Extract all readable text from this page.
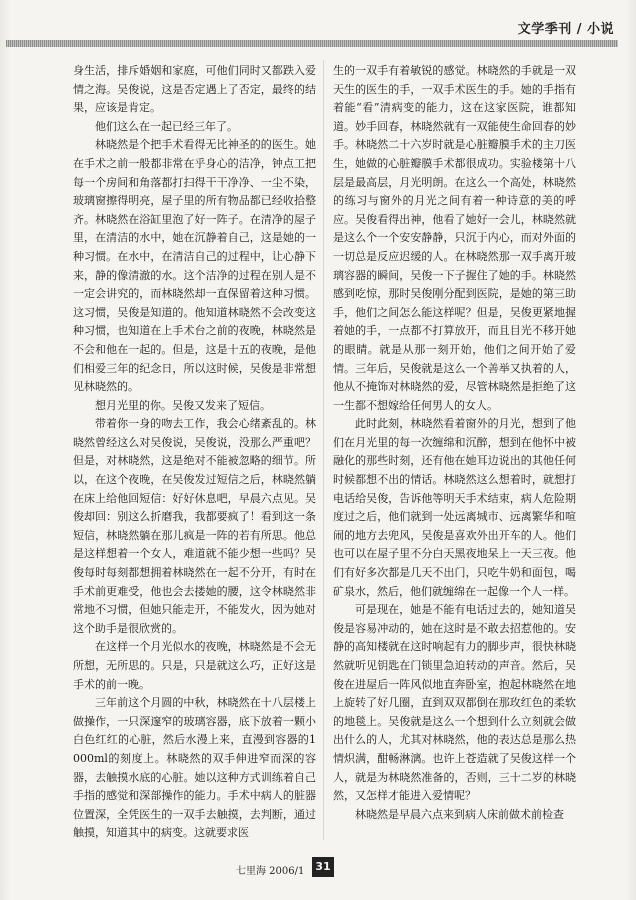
文学季刊 / 小说

身生活，排斥婚姻和家庭，可他们同时又都跌入爱情之海。吴俊说，这是否定遇上了否定，最终的结果，应该是肯定。

他们这么在一起已经三年了。

林晓然是个把手术看得无比神圣的的医生。她在手术之前一般都非常在乎身心的洁净，钟点工把每一个房间和角落都打扫得干干净净、一尘不染，玻璃窗擦得明亮，屋子里的所有物品都已经收拾整齐。林晓然在浴缸里泡了好一阵子。在清净的屋子里，在清洁的水中，她在沉静着自己，这是她的一种习惯。在水中，在清洁自己的过程中，让心静下来，静的像清澈的水。这个洁净的过程在别人是不一定会讲究的，而林晓然却一直保留着这种习惯。这习惯，吴俊是知道的。他知道林晓然不会改变这种习惯，也知道在上手术台之前的夜晚，林晓然是不会和他在一起的。但是，这是十五的夜晚，是他们相爱三年的纪念日，所以这时候，吴俊是非常想见林晓然的。

想月光里的你。吴俊又发来了短信。

带着你一身的吻去工作，我会心绪紊乱的。林晓然曾经这么对吴俊说，吴俊说，没那么严重吧？但是，对林晓然，这是绝对不能被忽略的细节。所以，在这个夜晚，在吴俊发过短信之后，林晓然躺在床上给他回短信：好好休息吧，早晨六点见。吴俊却回：别这么折磨我，我都要疯了！看到这一条短信，林晓然躺在那儿疯是一阵的若有所思。他总是这样想着一个女人，难道就不能少想一些吗？吴俊每时每刻都想拥着林晓然在一起不分开，有时在手术前更难受，他也会去搂她的腰，这令林晓然非常地不习惯，但她只能走开，不能发火，因为她对这个助手是很欣赏的。

在这样一个月光似水的夜晚，林晓然是不会无所想，无所思的。只是，只是就这么巧，正好这是手术的前一晚。

三年前这个月圆的中秋，林晓然在十八层楼上做操作，一只深邃窄的玻璃容器，底下放着一颗小白色红红的心脏，然后水漫上来，直漫到容器的1000ml的刻度上。林晓然的双手伸进窄而深的容器，去触摸水底的心脏。她以这种方式训练着自己手指的感觉和深部操作的能力。手术中病人的脏器位置深，全凭医生的一双手去触摸，去判断，通过触摸，知道其中的病变。这就要求医

生的一双手有着敏锐的感觉。林晓然的手就是一双天生的医生的手，一双手术医生的手。她的手指有着能“看”清病变的能力，这在这家医院，谁都知道。妙手回春，林晓然就有一双能使生命回春的妙手。林晓然二十六岁时就是心脏瓣膜手术的主刀医生，她做的心脏瓣膜手术都很成功。实验楼第十八层是最高层，月光明朗。在这么一个高处，林晓然的练习与窗外的月光之间有着一种诗意的美的呼应。吴俊看得出神，他看了她好一会儿，林晓然就是这么个一个安安静静，只沉于内心，而对外面的一切总是反应迟缓的人。在林晓然那一双手离开玻璃容器的瞬间，吴俊一下子握住了她的手。林晓然感到吃惊，那时吴俊刚分配到医院，是她的第三助手，他们之间怎么能这样呢？但是，吴俊更紧地握着她的手，一点都不打算放开，而且目光不移开她的眼睛。就是从那一刻开始，他们之间开始了爱情。三年后，吴俊就是这么一个善举又执着的人，他从不掩饰对林晓然的爱，尽管林晓然是拒绝了这一生都不想嫁给任何男人的女人。

此时此刻，林晓然看着窗外的月光，想到了他们在月光里的每一次缠绵和沉醉，想到在他怀中被融化的那些时刻，还有他在她耳边说出的其他任何时候都想不出的情话。林晓然这么想着时，就想打电话给吴俊，告诉他等明天手术结束，病人危险期度过之后，他们就到一处远离城市、远离繁华和喧闹的地方去兜风，吴俊是喜欢外出开车的人。他们也可以在屋子里不分白天黑夜地呆上一天三夜。他们有好多次都是几天不出门，只吃牛奶和面包，喝矿泉水，然后，他们就缠绵在一起像一个人一样。

可是现在，她是不能有电话过去的，她知道吴俊是容易冲动的，她在这时是不敢去招惹他的。安静的高知楼就在这时响起有力的脚步声，很快林晓然就听见钥匙在门锁里急迫转动的声音。然后，吴俊在进屋后一阵风似地直奔卧室，抱起林晓然在地上旋转了好几圈，直到双双都倒在那玫红色的柔软的地毯上。吴俊就是这么一个想到什么立刻就会做出什么的人，尤其对林晓然，他的表达总是那么热情炽满，酣畅淋漓。也许上苍造就了吴俊这样一个人，就是为林晓然准备的，否则，三十二岁的林晓然，又怎样才能进入爱情呢？

林晓然是早晨六点来到病人床前做术前检查

七里海 2006/1 31
